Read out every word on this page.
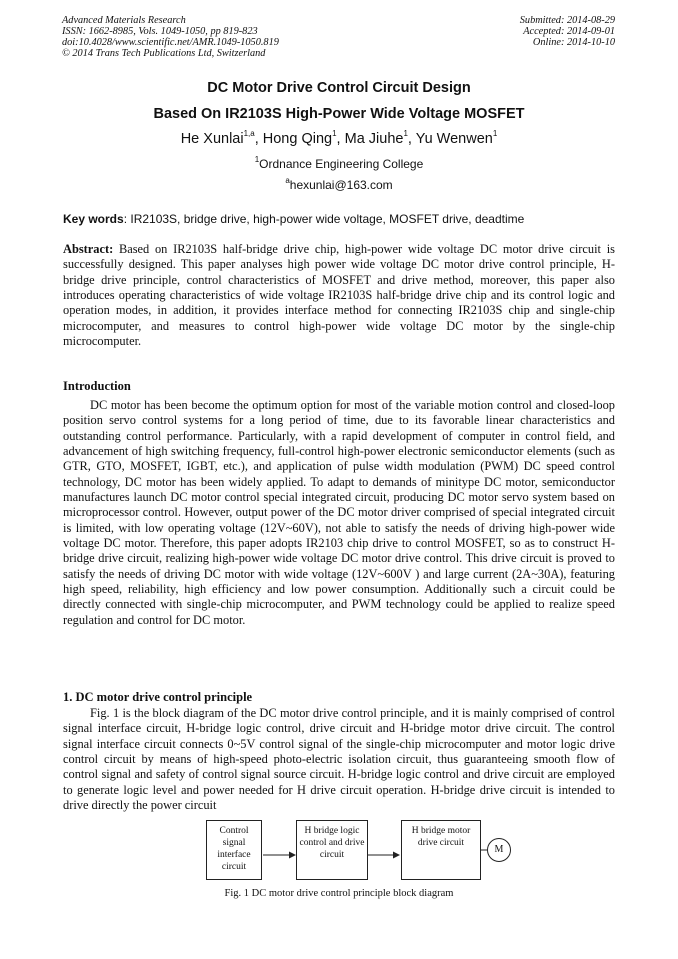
Advanced Materials Research
ISSN: 1662-8985, Vols. 1049-1050, pp 819-823
doi:10.4028/www.scientific.net/AMR.1049-1050.819
© 2014 Trans Tech Publications Ltd, Switzerland
Submitted: 2014-08-29
Accepted: 2014-09-01
Online: 2014-10-10
DC Motor Drive Control Circuit Design
Based On IR2103S High-Power Wide Voltage MOSFET
He Xunlai$^{1,a}$, Hong Qing$^1$, Ma Jiuhe$^1$, Yu Wenwen$^1$
$^1$Ordnance Engineering College
$^a$hexunlai@163.com
Key words: IR2103S, bridge drive, high-power wide voltage, MOSFET drive, deadtime
Abstract: Based on IR2103S half-bridge drive chip, high-power wide voltage DC motor drive circuit is successfully designed. This paper analyses high power wide voltage DC motor drive control principle, H-bridge drive principle, control characteristics of MOSFET and drive method, moreover, this paper also introduces operating characteristics of wide voltage IR2103S half-bridge drive chip and its control logic and operation modes, in addition, it provides interface method for connecting IR2103S chip and single-chip microcomputer, and measures to control high-power wide voltage DC motor by the single-chip microcomputer.
Introduction
DC motor has been become the optimum option for most of the variable motion control and closed-loop position servo control systems for a long period of time, due to its favorable linear characteristics and outstanding control performance. Particularly, with a rapid development of computer in control field, and advancement of high switching frequency, full-control high-power electronic semiconductor elements (such as GTR, GTO, MOSFET, IGBT, etc.), and application of pulse width modulation (PWM) DC speed control technology, DC motor has been widely applied. To adapt to demands of minitype DC motor, semiconductor manufactures launch DC motor control special integrated circuit, producing DC motor servo system based on microprocessor control. However, output power of the DC motor driver comprised of special integrated circuit is limited, with low operating voltage (12V~60V), not able to satisfy the needs of driving high-power wide voltage DC motor. Therefore, this paper adopts IR2103 chip drive to control MOSFET, so as to construct H-bridge drive circuit, realizing high-power wide voltage DC motor drive control. This drive circuit is proved to satisfy the needs of driving DC motor with wide voltage (12V~600V ) and large current (2A~30A), featuring high speed, reliability, high efficiency and low power consumption. Additionally such a circuit could be directly connected with single-chip microcomputer, and PWM technology could be applied to realize speed regulation and control for DC motor.
1. DC motor drive control principle
Fig. 1 is the block diagram of the DC motor drive control principle, and it is mainly comprised of control signal interface circuit, H-bridge logic control, drive circuit and H-bridge motor drive circuit. The control signal interface circuit connects 0~5V control signal of the single-chip microcomputer and motor logic drive control circuit by means of high-speed photo-electric isolation circuit, thus guaranteeing smooth flow of control signal and safety of control signal source circuit. H-bridge logic control and drive circuit are employed to generate logic level and power needed for H drive circuit operation. H-bridge drive circuit is intended to drive directly the power circuit
Control
signal
interface
circuit
H bridge logic
control and drive
circuit
H bridge motor
drive circuit
M
Fig. 1 DC motor drive control principle block diagram
